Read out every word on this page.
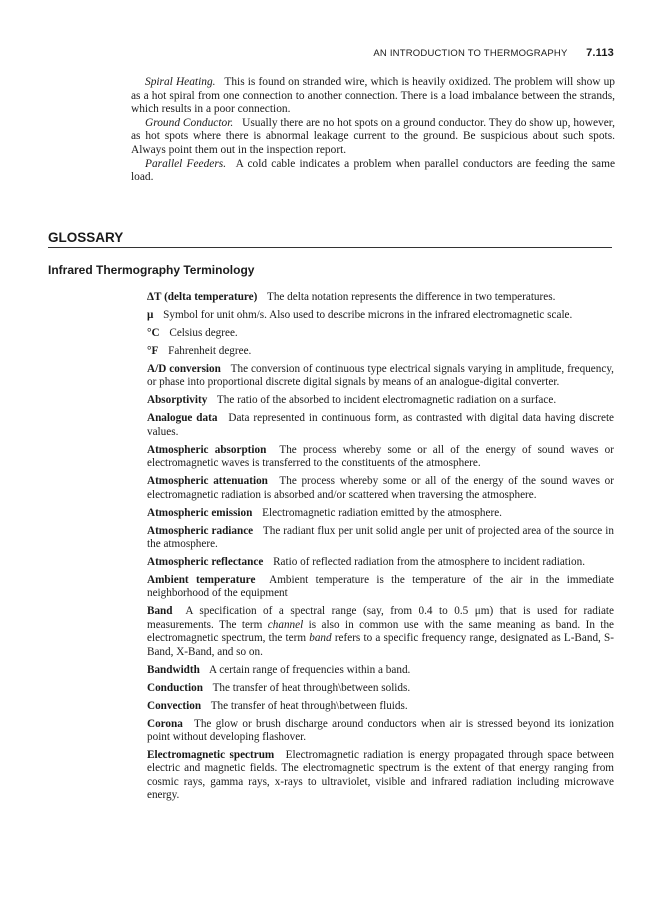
AN INTRODUCTION TO THERMOGRAPHY 7.113

Spiral Heating. This is found on stranded wire, which is heavily oxidized. The problem will show up as a hot spiral from one connection to another connection. There is a load imbalance between the strands, which results in a poor connection.

Ground Conductor. Usually there are no hot spots on a ground conductor. They do show up, however, as hot spots where there is abnormal leakage current to the ground. Be suspicious about such spots. Always point them out in the inspection report.

Parallel Feeders. A cold cable indicates a problem when parallel conductors are feeding the same load.

GLOSSARY
Infrared Thermography Terminology

ΔT (delta temperature) The delta notation represents the difference in two temperatures.

μ Symbol for unit ohm/s. Also used to describe microns in the infrared electromagnetic scale.

°C Celsius degree.

°F Fahrenheit degree.

A/D conversion The conversion of continuous type electrical signals varying in amplitude, frequency, or phase into proportional discrete digital signals by means of an analogue-digital converter.

Absorptivity The ratio of the absorbed to incident electromagnetic radiation on a surface.

Analogue data Data represented in continuous form, as contrasted with digital data having discrete values.

Atmospheric absorption The process whereby some or all of the energy of sound waves or electromagnetic waves is transferred to the constituents of the atmosphere.

Atmospheric attenuation The process whereby some or all of the energy of the sound waves or electromagnetic radiation is absorbed and/or scattered when traversing the atmosphere.

Atmospheric emission Electromagnetic radiation emitted by the atmosphere.

Atmospheric radiance The radiant flux per unit solid angle per unit of projected area of the source in the atmosphere.

Atmospheric reflectance Ratio of reflected radiation from the atmosphere to incident radiation.

Ambient temperature Ambient temperature is the temperature of the air in the immediate neighborhood of the equipment

Band A specification of a spectral range (say, from 0.4 to 0.5 μm) that is used for radiate measurements. The term channel is also in common use with the same meaning as band. In the electromagnetic spectrum, the term band refers to a specific frequency range, designated as L-Band, S-Band, X-Band, and so on.

Bandwidth A certain range of frequencies within a band.

Conduction The transfer of heat through\between solids.

Convection The transfer of heat through\between fluids.

Corona The glow or brush discharge around conductors when air is stressed beyond its ionization point without developing flashover.

Electromagnetic spectrum Electromagnetic radiation is energy propagated through space between electric and magnetic fields. The electromagnetic spectrum is the extent of that energy ranging from cosmic rays, gamma rays, x-rays to ultraviolet, visible and infrared radiation including microwave energy.
